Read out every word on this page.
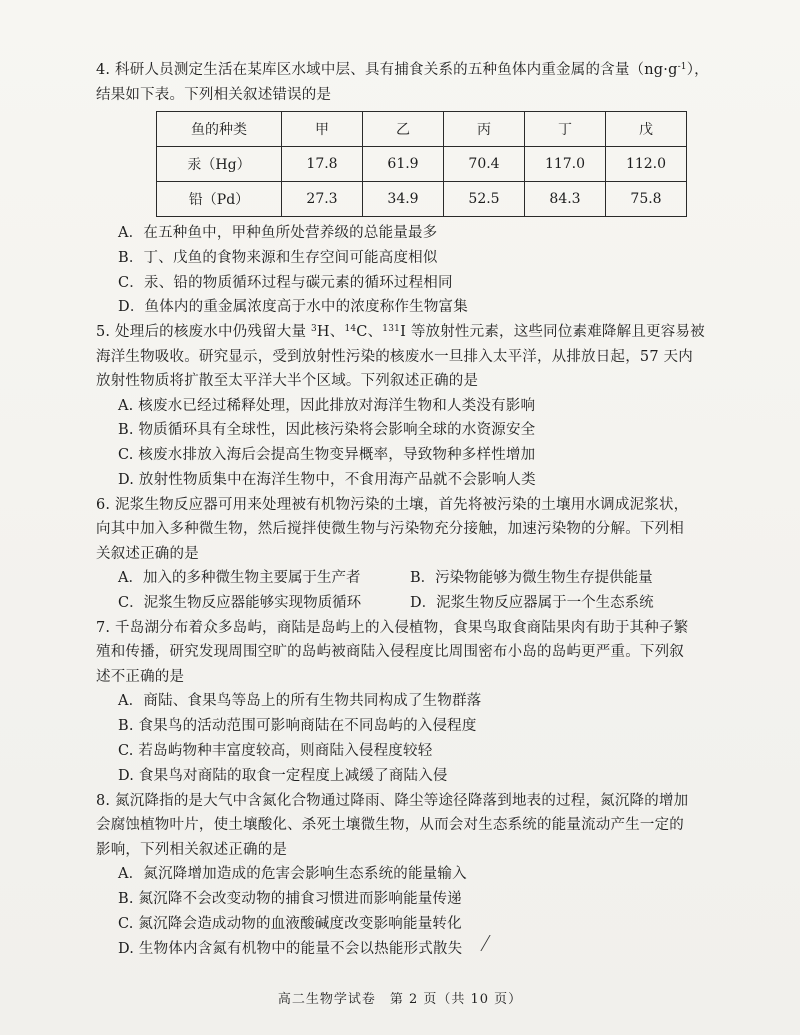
4. 科研人员测定生活在某库区水域中层、具有捕食关系的五种鱼体内重金属的含量$(ng\cdot g^{-1})$，
结果如下表。下列相关叙述错误的是
鱼的种类	甲	乙	丙	丁	戊
汞（Hg）	17.8	61.9	70.4	117.0	112.0
铅（Pd）	27.3	34.9	52.5	84.3	75.8
A．在五种鱼中，甲种鱼所处营养级的总能量最多
B．丁、戊鱼的食物来源和生存空间可能高度相似
C．汞、铅的物质循环过程与碳元素的循环过程相同
D．鱼体内的重金属浓度高于水中的浓度称作生物富集
5. 处理后的核废水中仍残留大量 $^3$H、$^{14}$C、$^{131}$I 等放射性元素，这些同位素难降解且更容易被
海洋生物吸收。研究显示，受到放射性污染的核废水一旦排入太平洋，从排放日起，57 天内
放射性物质将扩散至太平洋大半个区域。下列叙述正确的是
A. 核废水已经过稀释处理，因此排放对海洋生物和人类没有影响
B. 物质循环具有全球性，因此核污染将会影响全球的水资源安全
C. 核废水排放入海后会提高生物变异概率，导致物种多样性增加
D. 放射性物质集中在海洋生物中，不食用海产品就不会影响人类
6. 泥浆生物反应器可用来处理被有机物污染的土壤，首先将被污染的土壤用水调成泥浆状，
向其中加入多种微生物，然后搅拌使微生物与污染物充分接触，加速污染物的分解。下列相
关叙述正确的是
A．加入的多种微生物主要属于生产者	B．污染物能够为微生物生存提供能量
C．泥浆生物反应器能够实现物质循环	D．泥浆生物反应器属于一个生态系统
7. 千岛湖分布着众多岛屿，商陆是岛屿上的入侵植物，食果鸟取食商陆果肉有助于其种子繁
殖和传播，研究发现周围空旷的岛屿被商陆入侵程度比周围密布小岛的岛屿更严重。下列叙
述不正确的是
A．商陆、食果鸟等岛上的所有生物共同构成了生物群落
B. 食果鸟的活动范围可影响商陆在不同岛屿的入侵程度
C. 若岛屿物种丰富度较高，则商陆入侵程度较轻
D. 食果鸟对商陆的取食一定程度上减缓了商陆入侵
8. 氮沉降指的是大气中含氮化合物通过降雨、降尘等途径降落到地表的过程，氮沉降的增加
会腐蚀植物叶片，使土壤酸化、杀死土壤微生物，从而会对生态系统的能量流动产生一定的
影响，下列相关叙述正确的是
A．氮沉降增加造成的危害会影响生态系统的能量输入
B. 氮沉降不会改变动物的捕食习惯进而影响能量传递
C. 氮沉降会造成动物的血液酸碱度改变影响能量转化
D. 生物体内含氮有机物中的能量不会以热能形式散失
高二生物学试卷　第 2 页（共 10 页）
